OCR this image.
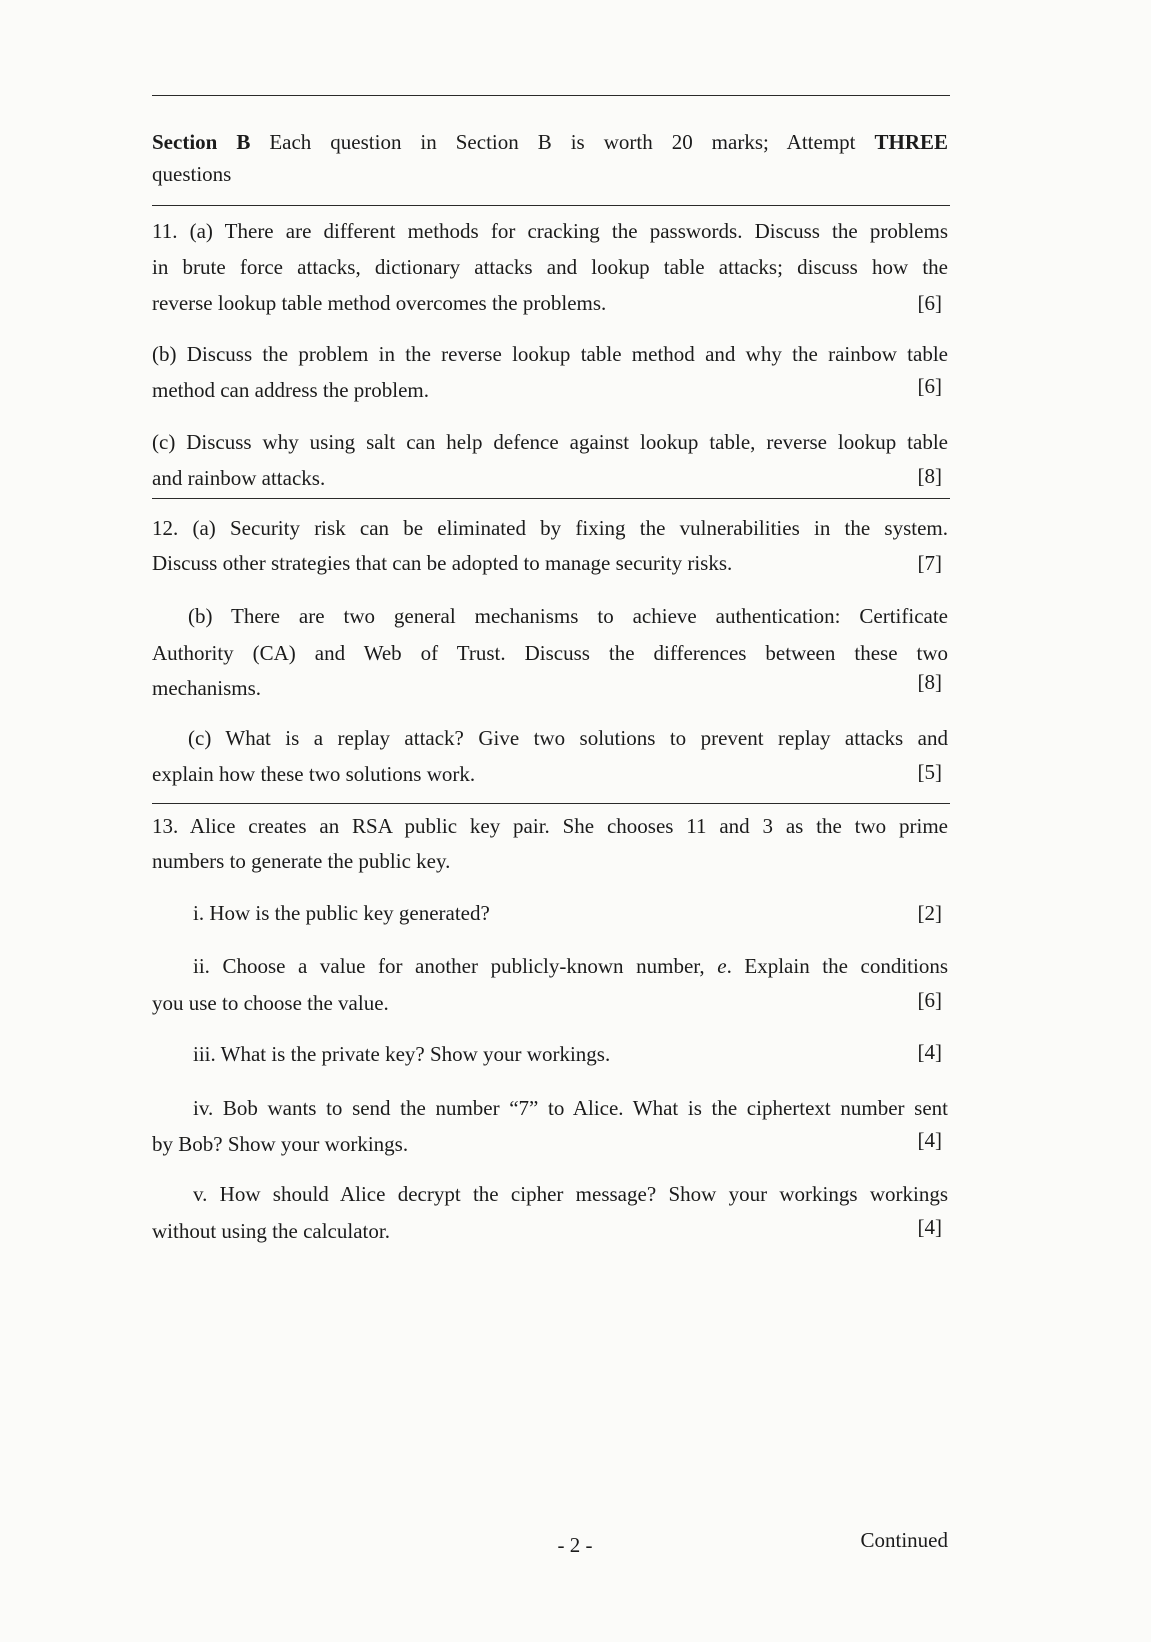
Section B Each question in Section B is worth 20 marks; Attempt THREE
questions
11. (a) There are different methods for cracking the passwords. Discuss the problems
in brute force attacks, dictionary attacks and lookup table attacks; discuss how the
reverse lookup table method overcomes the problems.	[6]
(b) Discuss the problem in the reverse lookup table method and why the rainbow table
method can address the problem.	[6]
(c) Discuss why using salt can help defence against lookup table, reverse lookup table
and rainbow attacks.	[8]
12. (a) Security risk can be eliminated by fixing the vulnerabilities in the system.
Discuss other strategies that can be adopted to manage security risks.	[7]
(b) There are two general mechanisms to achieve authentication: Certificate
Authority (CA) and Web of Trust. Discuss the differences between these two
mechanisms.	[8]
(c) What is a replay attack? Give two solutions to prevent replay attacks and
explain how these two solutions work.	[5]
13. Alice creates an RSA public key pair. She chooses 11 and 3 as the two prime
numbers to generate the public key.
i. How is the public key generated?	[2]
ii. Choose a value for another publicly-known number, e. Explain the conditions
you use to choose the value.	[6]
iii. What is the private key? Show your workings.	[4]
iv. Bob wants to send the number “7” to Alice. What is the ciphertext number sent
by Bob? Show your workings.	[4]
v. How should Alice decrypt the cipher message? Show your workings workings
without using the calculator.	[4]
- 2 -	Continued
